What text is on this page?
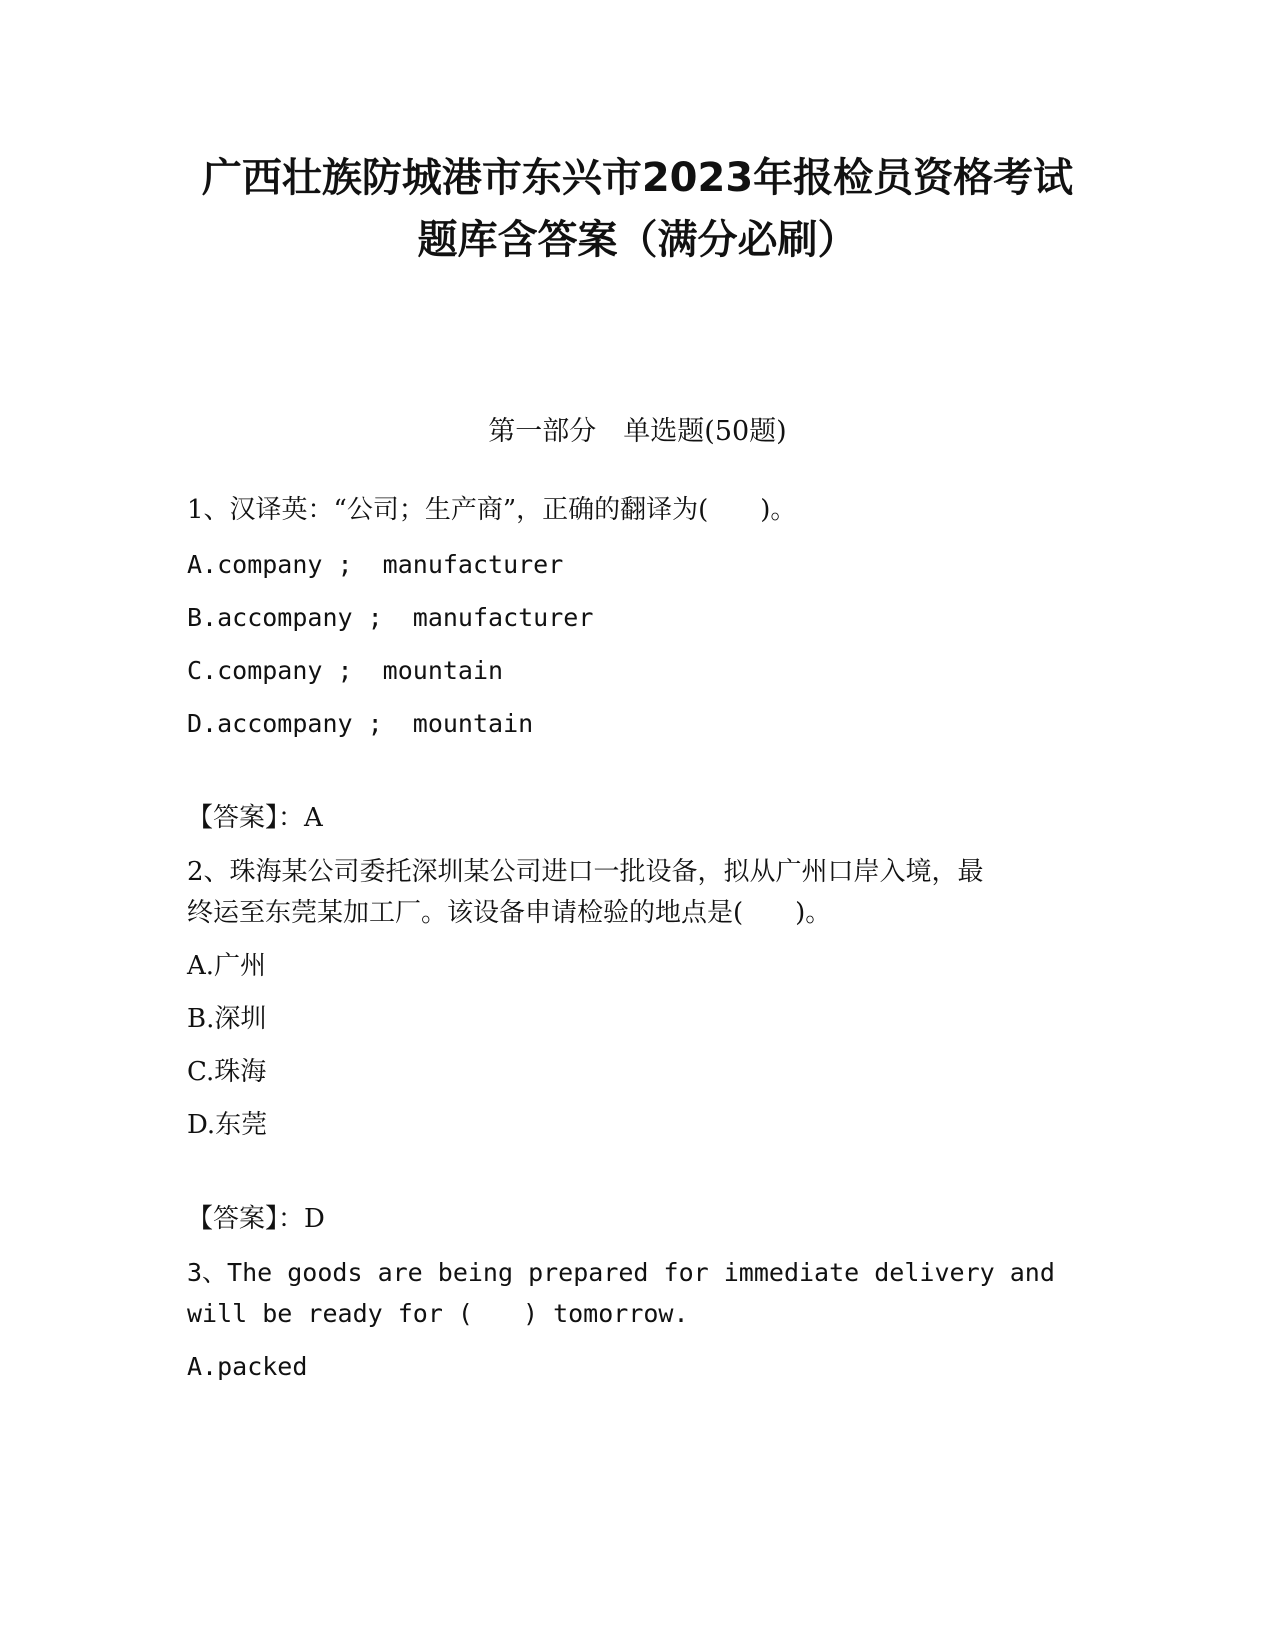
广西壮族防城港市东兴市2023年报检员资格考试
题库含答案（满分必刷）
第一部分　单选题(50题)
1、汉译英：“公司；生产商”，正确的翻译为(　　)。
A.company ;  manufacturer
B.accompany ;  manufacturer
C.company ;  mountain
D.accompany ;  mountain
【答案】：A
2、珠海某公司委托深圳某公司进口一批设备，拟从广州口岸入境，最
终运至东莞某加工厂。该设备申请检验的地点是(　　)。
A.广州
B.深圳
C.珠海
D.东莞
【答案】：D
3、The goods are being prepared for immediate delivery and
will be ready for (　　) tomorrow.
A.packed
